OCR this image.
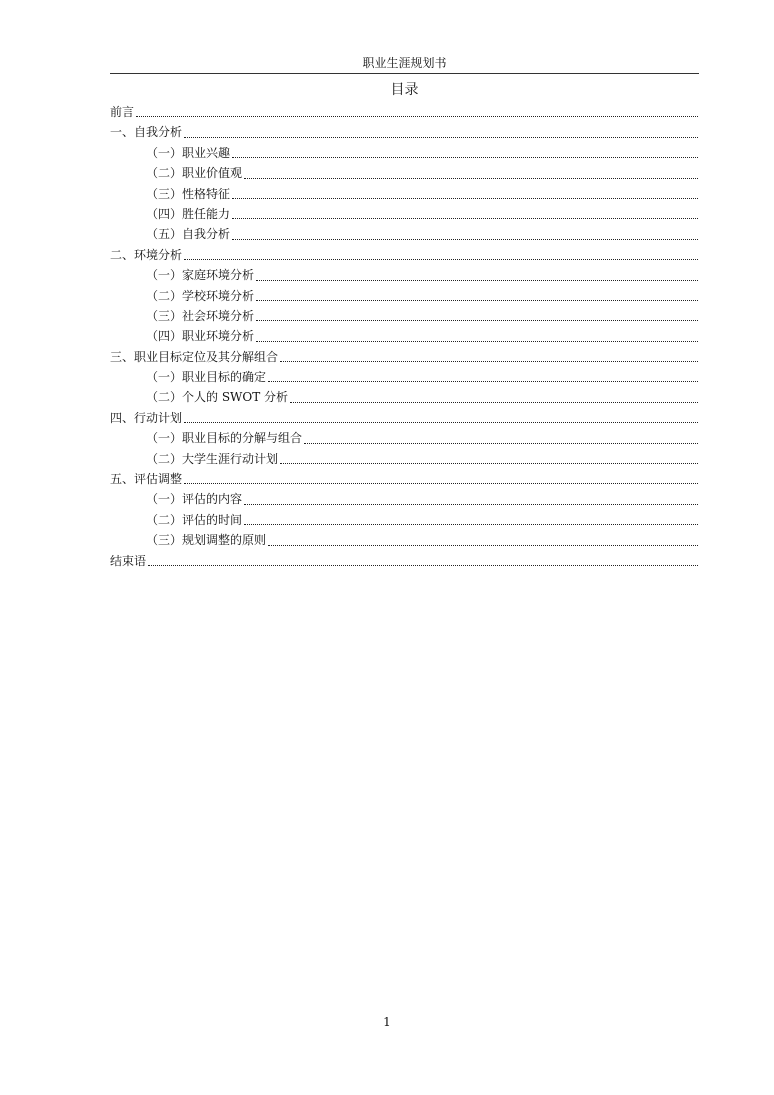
职业生涯规划书
目录
前言
一、自我分析
（一）职业兴趣
（二）职业价值观
（三）性格特征
（四）胜任能力
（五）自我分析
二、环境分析
（一）家庭环境分析
（二）学校环境分析
（三）社会环境分析
（四）职业环境分析
三、职业目标定位及其分解组合
（一）职业目标的确定
（二）个人的 SWOT 分析
四、行动计划
（一）职业目标的分解与组合
（二）大学生涯行动计划
五、评估调整
（一）评估的内容
（二）评估的时间
（三）规划调整的原则
结束语
1
